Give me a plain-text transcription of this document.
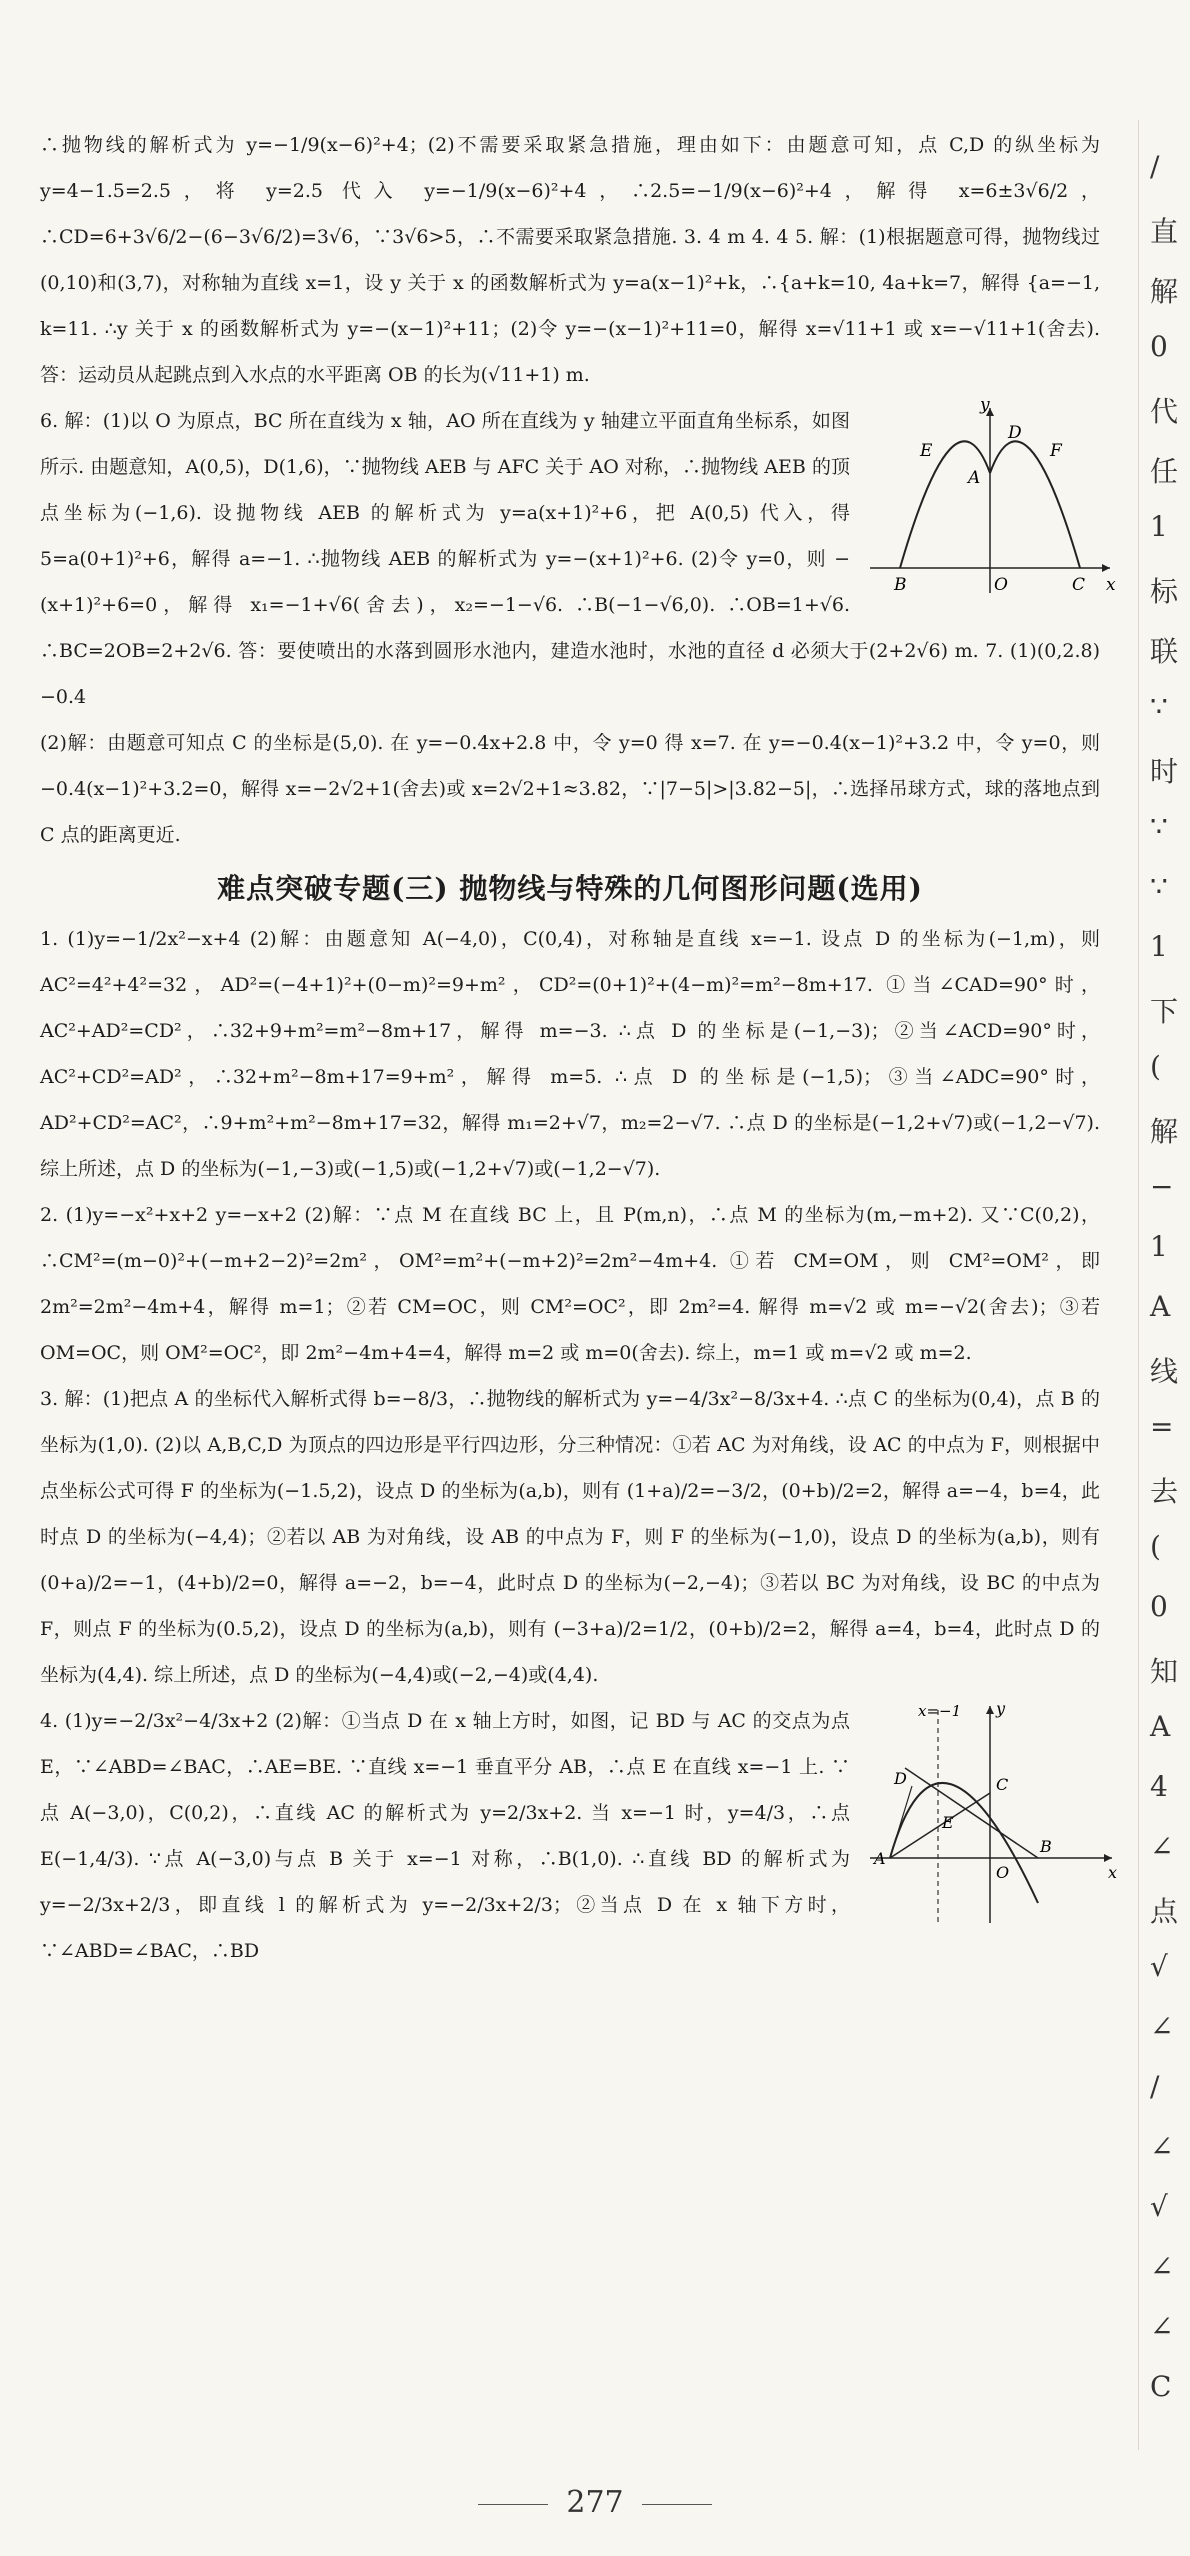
∴抛物线的解析式为 y=−1/9(x−6)²+4；(2)不需要采取紧急措施，理由如下：由题意可知，点 C,D 的纵坐标为 y=4−1.5=2.5，将 y=2.5 代入 y=−1/9(x−6)²+4，∴2.5=−1/9(x−6)²+4，解得 x=6±3√6/2，∴CD=6+3√6/2−(6−3√6/2)=3√6，∵3√6>5，∴不需要采取紧急措施. 3. 4 m 4. 4 5. 解：(1)根据题意可得，抛物线过(0,10)和(3,7)，对称轴为直线 x=1，设 y 关于 x 的函数解析式为 y=a(x−1)²+k，∴{a+k=10, 4a+k=7，解得 {a=−1, k=11. ∴y 关于 x 的函数解析式为 y=−(x−1)²+11；(2)令 y=−(x−1)²+11=0，解得 x=√11+1 或 x=−√11+1(舍去). 答：运动员从起跳点到入水点的水平距离 OB 的长为(√11+1) m.

6. 解：(1)以 O 为原点，BC 所在直线为 x 轴，AO 所在直线为 y 轴建立平面直角坐标系，如图所示. 由题意知，A(0,5)，D(1,6)，∵抛物线 AEB 与 AFC 关于 AO 对称，∴抛物线 AEB 的顶点坐标为(−1,6). 设抛物线 AEB 的解析式为 y=a(x+1)²+6，把 A(0,5) 代入，得 5=a(0+1)²+6，解得 a=−1. ∴抛物线 AEB 的解析式为 y=−(x+1)²+6. (2)令 y=0，则 −(x+1)²+6=0，解得 x₁=−1+√6(舍去)，x₂=−1−√6. ∴B(−1−√6,0). ∴OB=1+√6. ∴BC=2OB=2+2√6. 答：要使喷出的水落到圆形水池内，建造水池时，水池的直径 d 必须大于(2+2√6) m. 7. (1)(0,2.8) −0.4

(2)解：由题意可知点 C 的坐标是(5,0). 在 y=−0.4x+2.8 中，令 y=0 得 x=7. 在 y=−0.4(x−1)²+3.2 中，令 y=0，则 −0.4(x−1)²+3.2=0，解得 x=−2√2+1(舍去)或 x=2√2+1≈3.82，∵|7−5|>|3.82−5|，∴选择吊球方式，球的落地点到 C 点的距离更近.

难点突破专题(三) 抛物线与特殊的几何图形问题(选用)

1. (1)y=−1/2x²−x+4 (2)解：由题意知 A(−4,0)，C(0,4)，对称轴是直线 x=−1. 设点 D 的坐标为(−1,m)，则 AC²=4²+4²=32，AD²=(−4+1)²+(0−m)²=9+m²，CD²=(0+1)²+(4−m)²=m²−8m+17. ①当∠CAD=90°时，AC²+AD²=CD²，∴32+9+m²=m²−8m+17，解得 m=−3. ∴点 D 的坐标是(−1,−3)；②当∠ACD=90°时，AC²+CD²=AD²，∴32+m²−8m+17=9+m²，解得 m=5. ∴点 D 的坐标是(−1,5)；③当∠ADC=90°时，AD²+CD²=AC²，∴9+m²+m²−8m+17=32，解得 m₁=2+√7，m₂=2−√7. ∴点 D 的坐标是(−1,2+√7)或(−1,2−√7). 综上所述，点 D 的坐标为(−1,−3)或(−1,5)或(−1,2+√7)或(−1,2−√7).

2. (1)y=−x²+x+2 y=−x+2 (2)解：∵点 M 在直线 BC 上，且 P(m,n)，∴点 M 的坐标为(m,−m+2). 又∵C(0,2)，∴CM²=(m−0)²+(−m+2−2)²=2m²，OM²=m²+(−m+2)²=2m²−4m+4. ①若 CM=OM，则 CM²=OM²，即 2m²=2m²−4m+4，解得 m=1；②若 CM=OC，则 CM²=OC²，即 2m²=4. 解得 m=√2 或 m=−√2(舍去)；③若 OM=OC，则 OM²=OC²，即 2m²−4m+4=4，解得 m=2 或 m=0(舍去). 综上，m=1 或 m=√2 或 m=2.

3. 解：(1)把点 A 的坐标代入解析式得 b=−8/3，∴抛物线的解析式为 y=−4/3x²−8/3x+4. ∴点 C 的坐标为(0,4)，点 B 的坐标为(1,0). (2)以 A,B,C,D 为顶点的四边形是平行四边形，分三种情况：①若 AC 为对角线，设 AC 的中点为 F，则根据中点坐标公式可得 F 的坐标为(−1.5,2)，设点 D 的坐标为(a,b)，则有 (1+a)/2=−3/2，(0+b)/2=2，解得 a=−4，b=4，此时点 D 的坐标为(−4,4)；②若以 AB 为对角线，设 AB 的中点为 F，则 F 的坐标为(−1,0)，设点 D 的坐标为(a,b)，则有 (0+a)/2=−1，(4+b)/2=0，解得 a=−2，b=−4，此时点 D 的坐标为(−2,−4)；③若以 BC 为对角线，设 BC 的中点为 F，则点 F 的坐标为(0.5,2)，设点 D 的坐标为(a,b)，则有 (−3+a)/2=1/2，(0+b)/2=2，解得 a=4，b=4，此时点 D 的坐标为(4,4). 综上所述，点 D 的坐标为(−4,4)或(−2,−4)或(4,4).

4. (1)y=−2/3x²−4/3x+2 (2)解：①当点 D 在 x 轴上方时，如图，记 BD 与 AC 的交点为点 E，∵∠ABD=∠BAC，∴AE=BE. ∵直线 x=−1 垂直平分 AB，∴点 E 在直线 x=−1 上. ∵点 A(−3,0)，C(0,2)，∴直线 AC 的解析式为 y=2/3x+2. 当 x=−1 时，y=4/3，∴点 E(−1,4/3). ∵点 A(−3,0)与点 B 关于 x=−1 对称，∴B(1,0). ∴直线 BD 的解析式为 y=−2/3x+2/3，即直线 l 的解析式为 y=−2/3x+2/3；②当点 D 在 x 轴下方时，∵∠ABD=∠BAC，∴BD

y
x
A
B	C
D
E	F
O
x=−1 y
x
A
B
C
D
E
O
277
/
直
解
0
代
任
1
标
联
∵
时
∵
∵
1
下
(
解
−
1
A
线
=
去
(
0
知
A
4
∠
点
√
∠
/
∠
√
∠
∠
C
